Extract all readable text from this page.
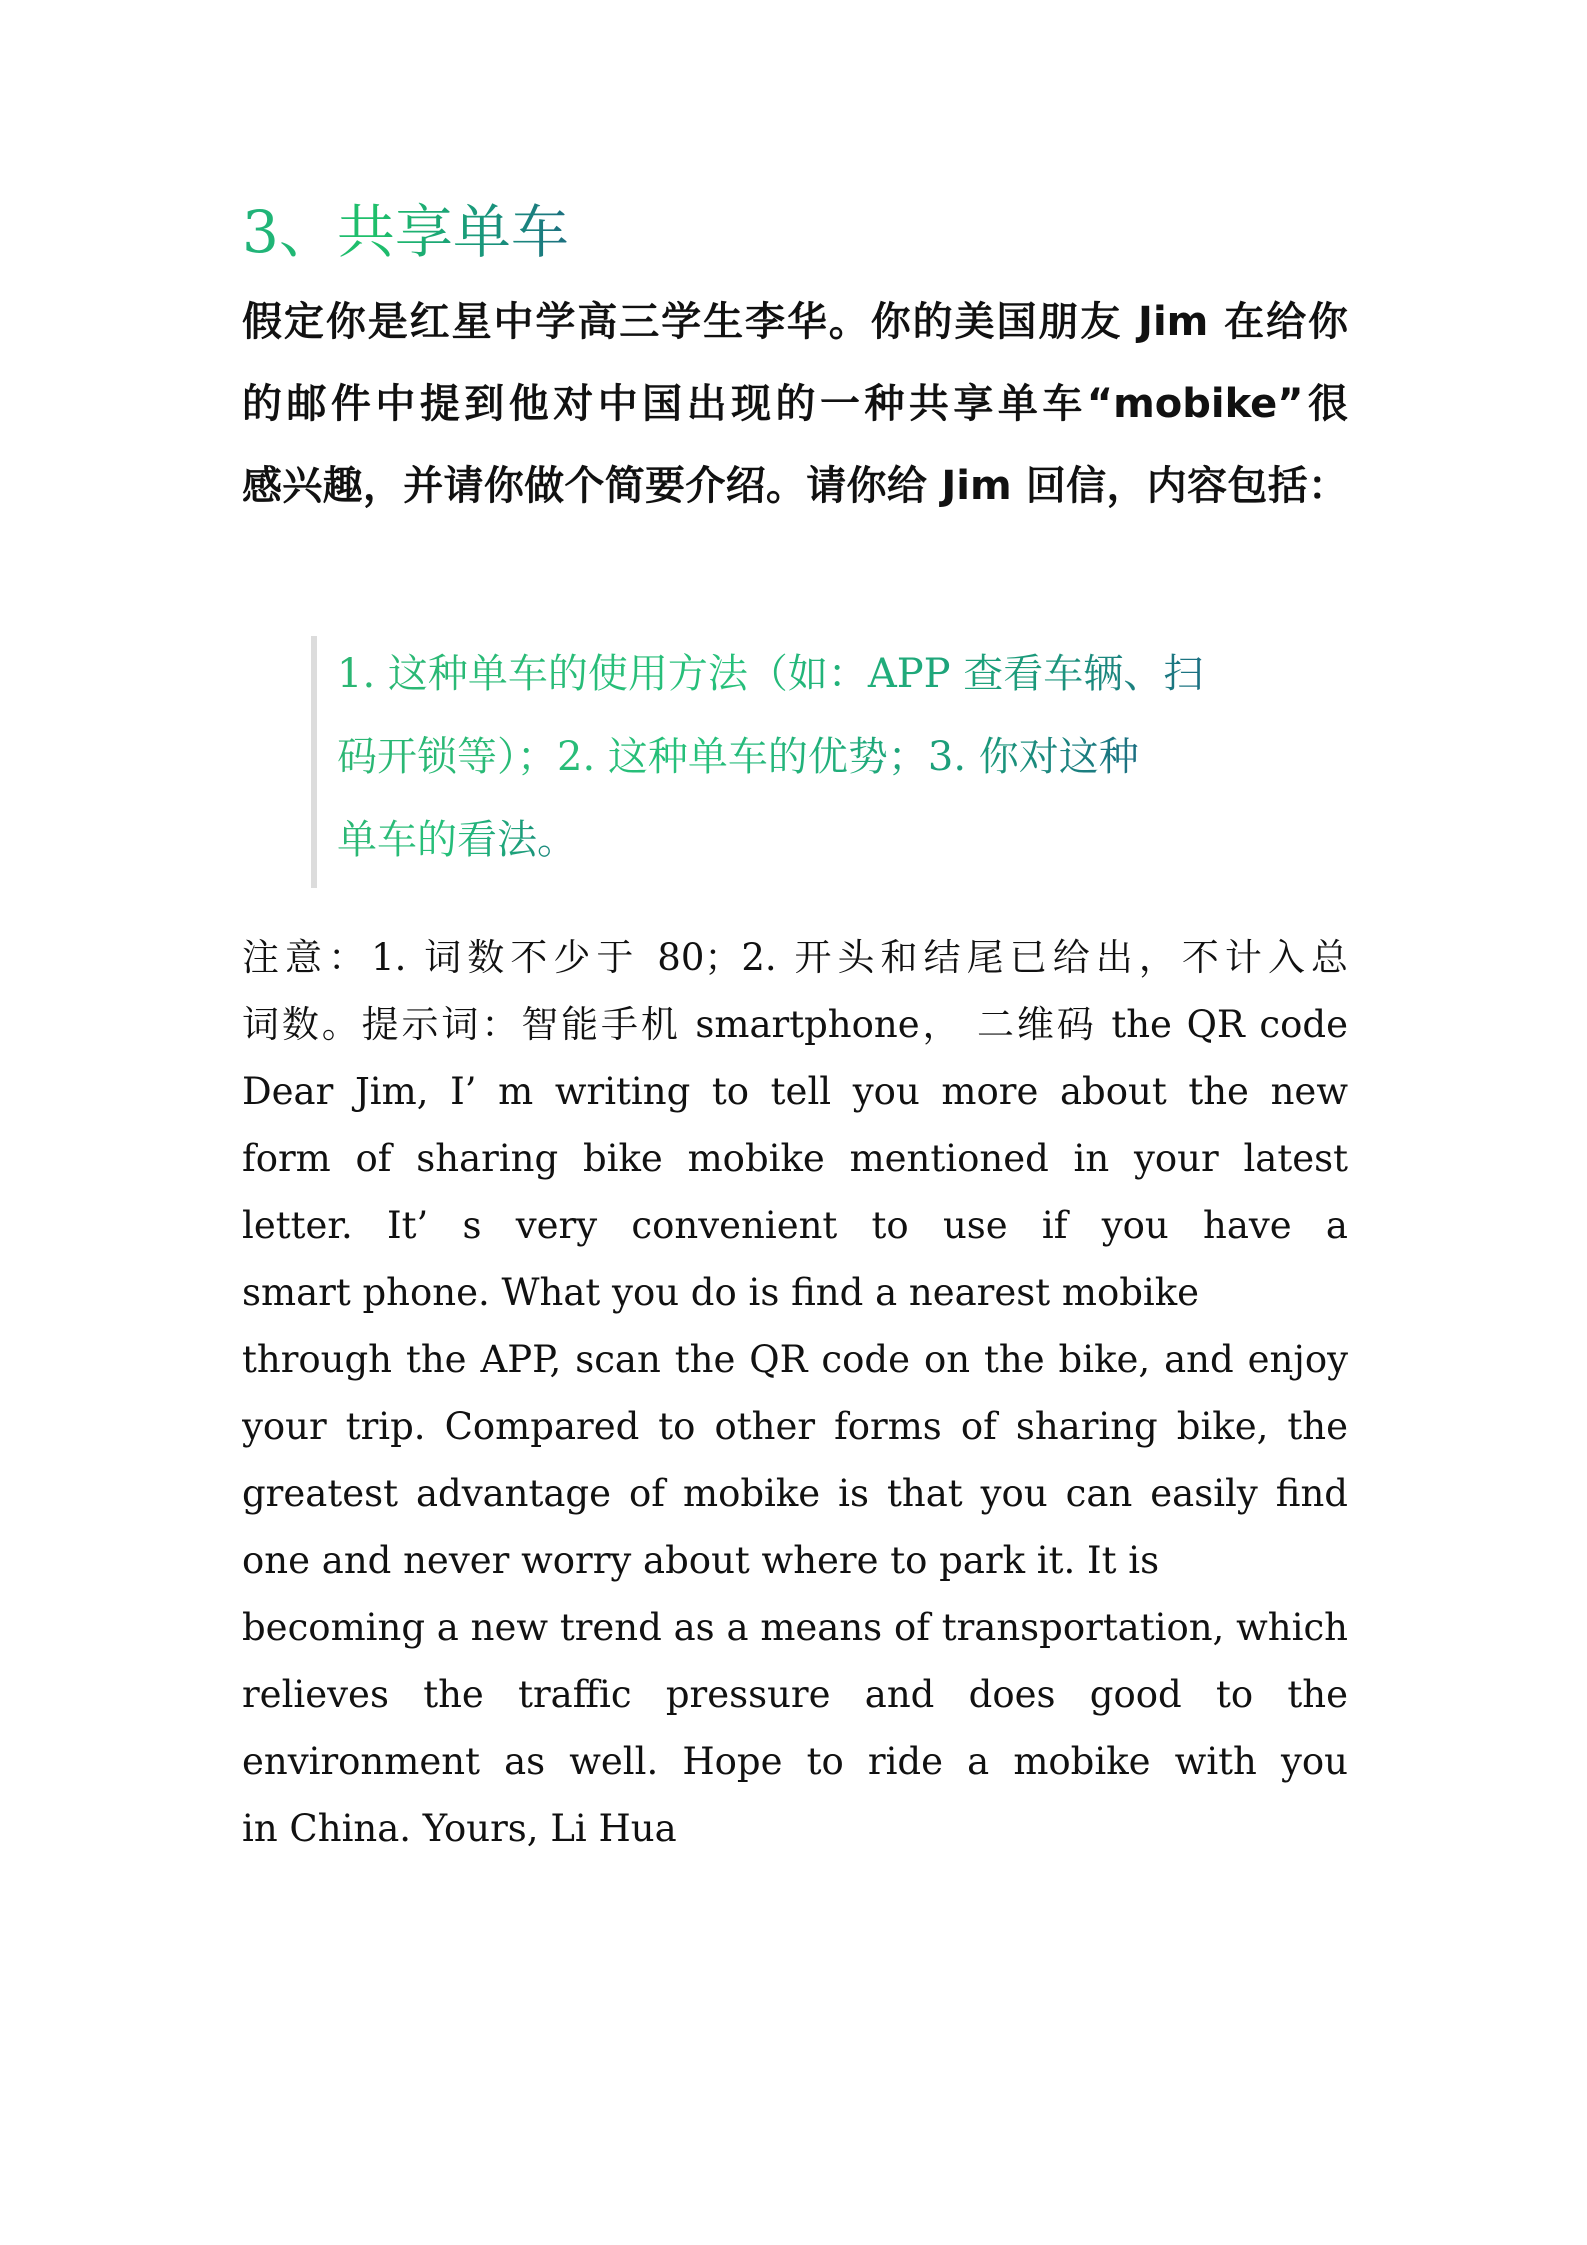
3、共享单车
假定你是红星中学高三学生李华。你的美国朋友 Jim 在给你
的邮件中提到他对中国出现的一种共享单车“mobike”很
感兴趣，并请你做个简要介绍。请你给 Jim 回信，内容包括：
1. 这种单车的使用方法（如：APP 查看车辆、扫
码开锁等）；2. 这种单车的优势；3. 你对这种
单车的看法。
注意：1. 词数不少于 80；2. 开头和结尾已给出，不计入总
词数。提示词：智能手机 smartphone， 二维码 the QR code
Dear Jim, I’ m writing to tell you more about the new
form of sharing bike mobike mentioned in your latest
letter. It’ s very convenient to use if you have a
smart phone. What you do is find a nearest mobike
through the APP, scan the QR code on the bike, and enjoy
your trip. Compared to other forms of sharing bike, the
greatest advantage of mobike is that you can easily find
one and never worry about where to park it. It is
becoming a new trend as a means of transportation, which
relieves the traffic pressure and does good to the
environment as well. Hope to ride a mobike with you
in China. Yours, Li Hua
